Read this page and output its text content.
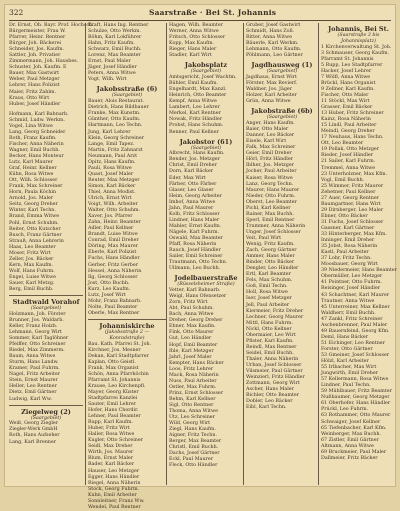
322	Saarstraße · Bei St. Johannis
Dr. Ernst, Ob. Bayr. Prof. Hochsch.
Bürgermeister, Frau W.
Pfarrer, Heinr. Rentner
Bürger, Joh. Bäckerei
Schneider, Jos. Kaufm.
Sattler, Joh. Privatier
Zimmermann, Joh. Hausbes.
Schuster, Joh. Kaufm. E
Bauer, Max Gastwirt
Weber, Paul Metzger
Lehrer, Hans Polizist
Maier, Fritz Zahlm.
Kraus, Otto Wirt
Huber, Josef Händler
Hofmann, Karl Bahnarb.
Schmid, Ludw. Werkm.
Vogel, Lina Witwe
Lang, Georg Schneider
Roth, Franz Kaufm.
Fischer, Anna Näherin
Wagner, Emil Buchh.
Becker, Hans Monteur
Lutz, Karl Maurer
Graf, Heinr. Kellner
Kühn, Rosa Witwe
Ott, Wilh. Schlosser
Frank, Max Schreiner
Horn, Paula Köchin
Arnold, Jos. Maler
Seitz, Georg Dreher
Winter, Karl Techn.
Brand, Emma Witwe
Pohl, Ernst Schuhm.
Reiter, Otto Kutscher
Busch, Franz Gärtner
Strauß, Anna Lehrerin
Haas, Leo Beamter
Moser, Fritz Wirt
Zeller, Jos. Bäcker
Kern, Max Kaufm.
Wolf, Hans Fuhrm.
Engel, Luise Witwe
Sauer, Karl Metzg.
Berg, Emil Buchb.
Stadtwald Vorahof
(Saargebiet)
Holzmann, Joh. Förster
Brunner, Jos. Waldarb.
Keller, Franz Holzh.
Lehmann, Georg Wirt
Sommer, Karl Taglöhner
Pfeiffer, Otto Schreiner
Riedel, Max Zimmerm.
Baum, Anna Witwe
Sturm, Hans Landw.
Kramer, Paul Fuhrm.
Nagel, Fritz Arbeiter
Stein, Ernst Maurer
Heller, Leo Rentner
Dietz, Emil Gärtner
Ludwig, Karl Ww.
Ziegelweg (2)
(Saargebiet)
Weiß, Georg Ziegler
Ziegler-Werk GmbH
Roth, Hans Aufseher
Lang, Karl Brenner
Kraft, Hans Ing. Rentner
Schulze, Otto Werkm.
Böhm, Karl Lokführer
Hahn, Fritz Kaufm.
Schwarz, Emil Buchh.
Lorenz, Max Beamter
Ernst, Paul Maler
Jäger, Josef Händler
Peters, Anna Witwe
Vogt, Wilh. Wirt
Jakobsstraße (6)
(Saargebiet)
Bauer, Alois Restaurat.
Dietrich, Hans Bildhauer
Franke, Max Kunstm.
Günther, Otto Kaufm.
Hartmann, Leo Techn.
Jung, Karl Lehrer
Klein, Georg Schreiner
Lange, Emil Tapez.
Martin, Fritz Zahnarzt
Neumann, Paul Arzt
Opitz, Hans Kaufm.
Pauli, Rosa Witwe
Quast, Josef Maler
Reuter, Max Metzger
Simon, Karl Bäcker
Thiel, Anna Modist.
Ulrich, Ernst Wirt
Voigt, Wilh. Arbeiter
Walter, Otto Schuhm.
Xaver, Jos. Pfarrer
Zahn, Heinr. Beamter
Adler, Paul Kellner
Brandt, Luise Witwe
Conrad, Emil Dreher
Döring, Max Maurer
Eberle, Karl Polizist
Fuchs, Hans Händler
Gerber, Fritz Gerber
Hessel, Anna Näherin
Ilg, Georg Schlosser
Jost, Otto Buchh.
Kurz, Leo Kaufm.
Lutz, Josef Wirt
Mohr, Franz Bahnarb.
Nolte, Paul Beamter
Oberle, Max Rentner
Johanniskirche
(Jakobsstraße 2 — Konradstraße)
Bau. Kath. Pfarrei St. Joh.
Kirchner, Jos. Mesner
Dekan, Karl Stadtpfarrer
Kaplan, Otto Geistl.
Frank, Max Organist
Schön, Anna Pfarrköchin
Pfarramt St. Johannis
Krause, Leo Kirchenpfl.
Mayer, Georg Küster
Stadtpfarrei Kanzlei
Sauter, Emil Lehrer
Hofer, Hans Chordir.
Lehner, Paul Beamter
Rapp, Karl Kaufm.
Huber, Fritz Wirt
Haller, Rosa Witwe
Kugler, Otto Schreiner
Seidl, Max Dreher
Wirth, Jos. Maurer
Blum, Ernst Maler
Bader, Karl Bäcker
Hauser, Leo Metzger
Egger, Hans Händler
Riegel, Anna Näherin
Stock, Georg Fuhrm.
Kuhn, Emil Arbeiter
Sonnleitner, Franz Ww.
Wendel, Paul Rentner
Hagen, Wilh. Beamter
Werner, Anna Witwe
Fritsch, Otto Schlosser
Kopp, Max Kaufm.
Rieger, Hans Maler
Stadler, Karl Wirt
Jakobsplatz
(Saargebiet)
Amtsgericht, Josef Wachtm.
Bühler, Emil Kaufm.
Engelhardt, Max Kanzl.
Heinrich, Otto Beamter
Kempf, Anna Witwe
Lambert, Leo Lehrer
Merkel, Karl Rentner
Nowak, Fritz Händler
Probst, Hans Schuhm.
Renner, Paul Kellner
Jakobstor (61)
(Saargebiet)
Albrecht, Hans Kaufm.
Bender, Jos. Metzger
Christ, Emil Dreher
Dorn, Karl Bäcker
Eder, Max Wirt
Färber, Otto Färber
Glaser, Leo Glaser
Heim, Georg Arbeiter
Imhof, Anna Witwe
Jahn, Paul Maurer
Kolb, Fritz Schlosser
Lindner, Hans Maler
Mahler, Ernst Kaufm.
Nägele, Karl Fuhrm.
Oswald, Max Beamter
Pfaff, Rosa Näherin
Rauch, Josef Händler
Sailer, Emil Schreiner
Trautmann, Otto Techn.
Ullmann, Leo Buchh.
Jodelbauerstraße
(Rüsselsheimer Straße)
Vetter, Karl Bahnarb.
Weigl, Hans Ofensetzer
Zorn, Fritz Wirt
Abt, Paul Schuhm.
Bach, Anna Witwe
Dreher, Georg Dreher
Ebner, Max Kaufm.
Fink, Otto Maurer
Gut, Leo Händler
Hopf, Emil Beamter
Ihle, Karl Metzger
Jahrl, Josef Maler
Kempter, Hans Bäcker
Loos, Fritz Lehrer
Mack, Rosa Näherin
Nuss, Paul Arbeiter
Ostler, Max Fuhrm.
Prinz, Ernst Schlosser
Rehm, Karl Kellner
Sigl, Otto Rentner
Thoma, Anna Witwe
Utz, Leo Schreiner
Wild, Georg Wirt
Ziegl, Hans Kaufm.
Aigner, Fritz Techn.
Berger, Max Beamter
Christl, Emil Buchh.
Dachs, Josef Gärtner
Eckl, Paul Maurer
Fleck, Otto Händler
Gruber, Josef Gastwirt
Schmidt, Hans Zoll.
Ritter, Anna Witwe
Bäuerle, Karl Werkm.
Lehmann, Otto Kaufm.
Pöhlmann, Leo Gärtner
Jagdhausweg (1)
(Saargebiet)
Jagdhaus, Ernst Wirt
Förster, Max Revierf.
Waldner, Jos. Jäger
Holzer, Karl Arbeiter
Grün, Anna Witwe
Jakobstraße (6b)
(Saargebiet)
Anger, Hans Kaufm.
Baier, Otto Maler
Danner, Leo Bäcker
Eisele, Karl Wirt
Falk, Max Schreiner
Geier, Emil Dreher
Hörl, Fritz Händler
Iblher, Jos. Metzger
Jocher, Paul Arbeiter
Kaiser, Rosa Witwe
Lanz, Georg Techn.
Maurer, Hans Maurer
Nieder, Otto Fuhrm.
Oberst, Leo Beamter
Pichl, Karl Kellner
Rainer, Max Buchh.
Sperl, Emil Rentner
Trummer, Anna Näherin
Unger, Josef Schlosser
Veit, Paul Wirt
Wenig, Fritz Kaufm.
Zach, Georg Gärtner
Ammer, Hans Maler
Binder, Otto Bäcker
Dengler, Leo Händler
Ertl, Karl Beamter
Fels, Max Schuhm.
Goß, Emil Techn.
Holl, Rosa Witwe
Iser, Josef Metzger
Jell, Paul Arbeiter
Kiermeier, Fritz Dreher
Lechner, Georg Maurer
Mittl, Hans Fuhrm.
Nickl, Otto Kellner
Obermaier, Leo Wirt
Pfister, Karl Kaufm.
Reindl, Max Rentner
Seidel, Emil Buchh.
Thaler, Anna Näherin
Urban, Josef Schlosser
Vilsmeier, Paul Gärtner
Weinzierl, Fritz Händler
Zottmann, Georg Wirt
Ascher, Hans Maler
Bichler, Otto Beamter
Dobler, Leo Bäcker
Eibl, Karl Techn.
Johannis, Bei St.
(Saarstraße 3 bis Johannisplatz)
1 Kirchenverwaltung St. Joh.
3 Schmauser, Georg Kaufm.
Pfarramt St. Johannis
5 Rupp, Leo Stadtpfarrer
Hacker, Josef Lehrer
7 Wölfl, Anna Witwe
Brückl, Hans Organist
9 Zellner, Karl Kaufm.
Fischer, Otto Maler
11 Stöckl, Max Wirt
Grasser, Emil Bäcker
13 Huber, Fritz Schreiner
Kainz, Rosa Näherin
15 Lindl, Paul Arbeiter
Meindl, Georg Dreher
17 Neuhaus, Hans Techn.
Ott, Leo Beamter
19 Pollak, Otto Metzger
Rieder, Josef Händler
21 Sailer, Karl Fuhrm.
Tremmel, Anna Witwe
23 Unterholzner, Max Kfm.
Vogl, Emil Buchh.
25 Wimmer, Fritz Maurer
Zehetner, Paul Kellner
27 Auer, Georg Rentner
Baumgartner, Hans Wirt
29 Dirnberger, Leo Maler
Ebner, Otto Bäcker
31 Fuchs, Josef Schlosser
Gassner, Karl Gärtner
33 Hinterberger, Max Kfm.
Inninger, Emil Dreher
35 Jobst, Rosa Näherin
Kastl, Paul Arbeiter
37 Lohr, Fritz Techn.
Moosbauer, Georg Wirt
39 Niedermeier, Hans Beamter
Obermüller, Leo Metzger
41 Pointner, Otto Fuhrm.
Reisinger, Josef Händler
43 Schachtner, Karl Maurer
Trautner, Anna Witwe
45 Unterreiner, Max Kellner
Waldherr, Emil Buchh.
47 Zankl, Fritz Schreiner
Aschenbrenner, Paul Maler
49 Bauernfeind, Georg Kfm.
Deml, Hans Bäcker
51 Eichinger, Leo Rentner
Forster, Otto Gärtner
53 Gmeiner, Josef Schlosser
Hölzl, Karl Arbeiter
55 Irlbacher, Max Wirt
Jungwirth, Emil Dreher
57 Kellermann, Rosa Witwe
Lindner, Paul Techn.
59 Mühlbauer, Fritz Beamter
Nußbaumer, Georg Metzger
61 Oberhofer, Hans Händler
Prückl, Leo Fuhrm.
63 Rothammer, Otto Maurer
Schwaiger, Josef Kellner
65 Tiefenbacher, Karl Kfm.
Weinberger, Max Buchh.
67 Zistler, Emil Gärtner
Altmann, Anna Witwe
69 Bruckmeier, Paul Maler
Dallmeier, Fritz Bäcker
